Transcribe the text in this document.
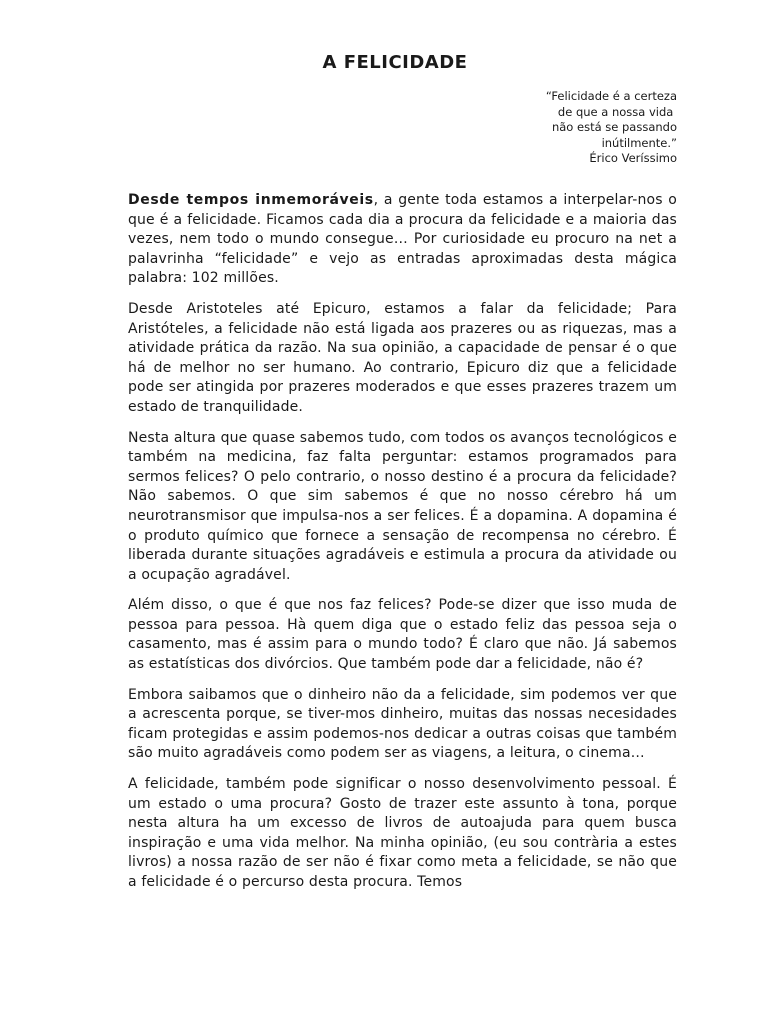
A FELICIDADE
“Felicidade é a certeza
de que a nossa vida
não está se passando
inútilmente.”
Érico Veríssimo

Desde tempos inmemoráveis, a gente toda estamos a interpelar-nos o que é a felicidade. Ficamos cada dia a procura da felicidade e a maioria das vezes, nem todo o mundo consegue… Por curiosidade eu procuro na net a palavrinha “felicidade” e vejo as entradas aproximadas desta mágica palabra: 102 millões.

Desde Aristoteles até Epicuro, estamos a falar da felicidade; Para Aristóteles, a felicidade não está ligada aos prazeres ou as riquezas, mas a atividade prática da razão. Na sua opinião, a capacidade de pensar é o que há de melhor no ser humano. Ao contrario, Epicuro diz que a felicidade pode ser atingida por prazeres moderados e que esses prazeres trazem um estado de tranquilidade.

Nesta altura que quase sabemos tudo, com todos os avanços tecnológicos e também na medicina, faz falta perguntar: estamos programados para sermos felices? O pelo contrario, o nosso destino é a procura da felicidade? Não sabemos. O que sim sabemos é que no nosso cérebro há um neurotransmisor que impulsa-nos a ser felices. É a dopamina. A dopamina é o produto químico que fornece a sensação de recompensa no cérebro. É liberada durante situações agradáveis e estimula a procura da atividade ou a ocupação agradável.

Além disso, o que é que nos faz felices? Pode-se dizer que isso muda de pessoa para pessoa. Hà quem diga que o estado feliz das pessoa seja o casamento, mas é assim para o mundo todo? É claro que não. Já sabemos as estatísticas dos divórcios. Que também pode dar a felicidade, não é?

Embora saibamos que o dinheiro não da a felicidade, sim podemos ver que a acrescenta porque, se tiver-mos dinheiro, muitas das nossas necesidades ficam protegidas e assim podemos-nos dedicar a outras coisas que também são muito agradáveis como podem ser as viagens, a leitura, o cinema…

A felicidade, também pode significar o nosso desenvolvimento pessoal. É um estado o uma procura? Gosto de trazer este assunto à tona, porque nesta altura ha um excesso de livros de autoajuda para quem busca inspiração e uma vida melhor. Na minha opinião, (eu sou contrària a estes livros) a nossa razão de ser não é fixar como meta a felicidade, se não que a felicidade é o percurso desta procura. Temos
